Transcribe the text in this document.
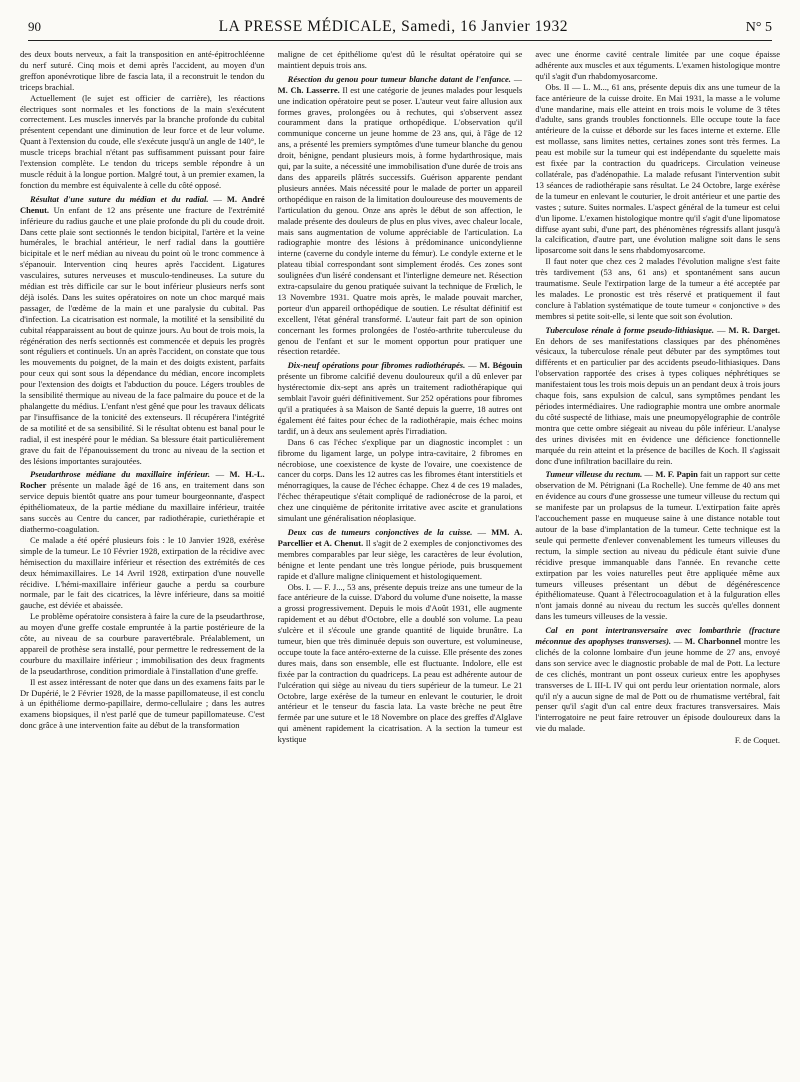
90	LA PRESSE MÉDICALE, Samedi, 16 Janvier 1932	N° 5

des deux bouts nerveux, a fait la transposition en anté-épitrochléenne du nerf suturé. Cinq mois et demi après l'accident, au moyen d'un greffon aponévrotique libre de fascia lata, il a reconstruit le tendon du triceps brachial.

Actuellement (le sujet est officier de carrière), les réactions électriques sont normales et les fonctions de la main s'exécutent correctement. Les muscles innervés par la branche profonde du cubital présentent cependant une diminution de leur force et de leur volume. Quant à l'extension du coude, elle s'exécute jusqu'à un angle de 140°, le muscle triceps brachial n'étant pas suffisamment puissant pour faire l'extension complète. Le tendon du triceps semble répondre à un muscle réduit à la longue portion. Malgré tout, à un premier examen, la fonction du membre est équivalente à celle du côté opposé.

Résultat d'une suture du médian et du radial. — M. André Chenut. Un enfant de 12 ans présente une fracture de l'extrémité inférieure du radius gauche et une plaie profonde du pli du coude droit. Dans cette plaie sont sectionnés le tendon bicipital, l'artère et la veine humérales, le brachial antérieur, le nerf radial dans la gouttière bicipitale et le nerf médian au niveau du point où le tronc commence à s'épanouir. Intervention cinq heures après l'accident. Ligatures vasculaires, sutures nerveuses et musculo-tendineuses. La suture du médian est très difficile car sur le bout inférieur plusieurs nerfs sont déjà isolés. Dans les suites opératoires on note un choc marqué mais passager, de l'œdème de la main et une paralysie du cubital. Pas d'infection. La cicatrisation est normale, la motilité et la sensibilité du cubital réapparaissent au bout de quinze jours. Au bout de trois mois, la régénération des nerfs sectionnés est commencée et depuis les progrès sont réguliers et continuels. Un an après l'accident, on constate que tous les mouvements du poignet, de la main et des doigts existent, parfaits pour ceux qui sont sous la dépendance du médian, encore incomplets pour l'extension des doigts et l'abduction du pouce. Légers troubles de la sensibilité thermique au niveau de la face palmaire du pouce et de la phalangette du médius. L'enfant n'est gêné que pour les travaux délicats par l'insuffisance de la tonicité des extenseurs. Il récupérera l'intégrité de sa motilité et de sa sensibilité. Si le résultat obtenu est banal pour le radial, il est inespéré pour le médian. Sa blessure était particulièrement grave du fait de l'épanouissement du tronc au niveau de la section et des lésions importantes surajoutées.

Pseudarthrose médiane du maxillaire inférieur. — M. H.-L. Rocher présente un malade âgé de 16 ans, en traitement dans son service depuis bientôt quatre ans pour tumeur bourgeonnante, d'aspect épithéliomateux, de la partie médiane du maxillaire inférieur, traitée sans succès au Centre du cancer, par radiothérapie, curiethérapie et diathermo-coagulation.

Ce malade a été opéré plusieurs fois : le 10 Janvier 1928, exérèse simple de la tumeur. Le 10 Février 1928, extirpation de la récidive avec hémisection du maxillaire inférieur et résection des extrémités de ces deux hémimaxillaires. Le 14 Avril 1928, extirpation d'une nouvelle récidive. L'hémi-maxillaire inférieur gauche a perdu sa courbure normale, par le fait des cicatrices, la lèvre inférieure, dans sa moitié gauche, est déviée et abaissée.

Le problème opératoire consistera à faire la cure de la pseudarthrose, au moyen d'une greffe costale empruntée à la partie postérieure de la côte, au niveau de sa courbure paravertébrale. Préalablement, un appareil de prothèse sera installé, pour permettre le redressement de la courbure du maxillaire inférieur ; immobilisation des deux fragments de la pseudarthrose, condition primordiale à l'installation d'une greffe.

Il est assez intéressant de noter que dans un des examens faits par le Dr Dupérié, le 2 Février 1928, de la masse papillomateuse, il est conclu à un épithéliome dermo-papillaire, dermo-cellulaire ; dans les autres examens biopsiques, il n'est parlé que de tumeur papillomateuse. C'est donc grâce à une intervention faite au début de la transformation

maligne de cet épithéliome qu'est dû le résultat opératoire qui se maintient depuis trois ans.

Résection du genou pour tumeur blanche datant de l'enfance. — M. Ch. Lasserre. Il est une catégorie de jeunes malades pour lesquels une indication opératoire peut se poser. L'auteur veut faire allusion aux formes graves, prolongées ou à rechutes, qui s'observent assez couramment dans la pratique orthopédique. L'observation qu'il communique concerne un jeune homme de 23 ans, qui, à l'âge de 12 ans, a présenté les premiers symptômes d'une tumeur blanche du genou droit, bénigne, pendant plusieurs mois, à forme hydarthrosique, mais qui, par la suite, a nécessité une immobilisation d'une durée de trois ans dans des appareils plâtrés successifs. Guérison apparente pendant plusieurs années. Mais nécessité pour le malade de porter un appareil orthopédique en raison de la limitation douloureuse des mouvements de l'articulation du genou. Onze ans après le début de son affection, le malade présente des douleurs de plus en plus vives, avec chaleur locale, mais sans augmentation de volume appréciable de l'articulation. La radiographie montre des lésions à prédominance unicondylienne interne (caverne du condyle interne du fémur). Le condyle externe et le plateau tibial correspondant sont simplement érodés. Ces zones sont soulignées d'un liséré condensant et l'interligne demeure net. Résection extra-capsulaire du genou pratiquée suivant la technique de Frœlich, le 13 Novembre 1931. Quatre mois après, le malade pouvait marcher, porteur d'un appareil orthopédique de soutien. Le résultat définitif est excellent, l'état général transformé. L'auteur fait part de son opinion concernant les formes prolongées de l'ostéo-arthrite tuberculeuse du genou de l'enfant et sur le moment opportun pour pratiquer une résection retardée.

Dix-neuf opérations pour fibromes radiothérapés. — M. Bégouin présente un fibrome calcifié devenu douloureux qu'il a dû enlever par hystérectomie dix-sept ans après un traitement radiothérapique qui semblait l'avoir guéri définitivement. Sur 252 opérations pour fibromes qu'il a pratiquées à sa Maison de Santé depuis la guerre, 18 autres ont également été faites pour échec de la radiothérapie, mais échec moins tardif, un à deux ans seulement après l'irradiation.

Dans 6 cas l'échec s'explique par un diagnostic incomplet : un fibrome du ligament large, un polype intra-cavitaire, 2 fibromes en nécrobiose, une coexistence de kyste de l'ovaire, une coexistence de cancer du corps. Dans les 12 autres cas les fibromes étant interstitiels et ménorragiques, la cause de l'échec échappe. Chez 4 de ces 19 malades, l'échec thérapeutique s'était compliqué de radionécrose de la paroi, et chez une cinquième de péritonite irritative avec ascite et granulations simulant une généralisation néoplasique.

Deux cas de tumeurs conjonctives de la cuisse. — MM. A. Parcellier et A. Chenut. Il s'agit de 2 exemples de conjonctivomes des membres comparables par leur siège, les caractères de leur évolution, bénigne et lente pendant une très longue période, puis brusquement rapide et d'allure maligne cliniquement et histologiquement.

Obs. I. — F. J..., 53 ans, présente depuis treize ans une tumeur de la face antérieure de la cuisse. D'abord du volume d'une noisette, la masse a grossi progressivement. Depuis le mois d'Août 1931, elle augmente rapidement et au début d'Octobre, elle a doublé son volume. La peau s'ulcère et il s'écoule une grande quantité de liquide brunâtre. La tumeur, bien que très diminuée depuis son ouverture, est volumineuse, occupe toute la face antéro-externe de la cuisse. Elle présente des zones dures mais, dans son ensemble, elle est fluctuante. Indolore, elle est fixée par la contraction du quadriceps. La peau est adhérente autour de l'ulcération qui siège au niveau du tiers supérieur de la tumeur. Le 21 Octobre, large exérèse de la tumeur en enlevant le couturier, le droit antérieur et le tenseur du fascia lata. La vaste brèche ne peut être fermée par une suture et le 18 Novembre on place des greffes d'Alglave qui amènent rapidement la cicatrisation. A la section la tumeur est kystique

avec une énorme cavité centrale limitée par une coque épaisse adhérente aux muscles et aux téguments. L'examen histologique montre qu'il s'agit d'un rhabdomyosarcome.

Obs. II — L. M..., 61 ans, présente depuis dix ans une tumeur de la face antérieure de la cuisse droite. En Mai 1931, la masse a le volume d'une mandarine, mais elle atteint en trois mois le volume de 3 têtes d'adulte, sans grands troubles fonctionnels. Elle occupe toute la face antérieure de la cuisse et déborde sur les faces interne et externe. Elle est mollasse, sans limites nettes, certaines zones sont très fermes. La peau est mobile sur la tumeur qui est indépendante du squelette mais est fixée par la contraction du quadriceps. Circulation veineuse collatérale, pas d'adénopathie. La malade refusant l'intervention subit 13 séances de radiothérapie sans résultat. Le 24 Octobre, large exérèse de la tumeur en enlevant le couturier, le droit antérieur et une partie des vastes ; suture. Suites normales. L'aspect général de la tumeur est celui d'un lipome. L'examen histologique montre qu'il s'agit d'une lipomatose diffuse ayant subi, d'une part, des phénomènes régressifs allant jusqu'à la calcification, d'autre part, une évolution maligne soit dans le sens liposarcome soit dans le sens rhabdomyosarcome.

Il faut noter que chez ces 2 malades l'évolution maligne s'est faite très tardivement (53 ans, 61 ans) et spontanément sans aucun traumatisme. Seule l'extirpation large de la tumeur a été acceptée par les malades. Le pronostic est très réservé et pratiquement il faut conclure à l'ablation systématique de toute tumeur « conjonctive » des membres si petite soit-elle, si lente que soit son évolution.

Tuberculose rénale à forme pseudo-lithiasique. — M. R. Darget. En dehors de ses manifestations classiques par des phénomènes vésicaux, la tuberculose rénale peut débuter par des symptômes tout différents et en particulier par des accidents pseudo-lithiasiques. Dans l'observation rapportée des crises à types coliques néphrétiques se manifestaient tous les trois mois depuis un an pendant deux à trois jours chaque fois, sans expulsion de calcul, sans symptômes pendant les périodes intermédiaires. Une radiographie montra une ombre anormale du côté suspecté de lithiase, mais une pneumopyélographie de contrôle montra que cette ombre siégeait au niveau du pôle inférieur. L'analyse des urines divisées mit en évidence une déficience fonctionnelle marquée du rein atteint et la présence de bacilles de Koch. Il s'agissait donc d'une infiltration bacillaire du rein.

Tumeur villeuse du rectum. — M. F. Papin fait un rapport sur cette observation de M. Pétrignani (La Rochelle). Une femme de 40 ans met en évidence au cours d'une grossesse une tumeur villeuse du rectum qui se manifeste par un prolapsus de la tumeur. L'extirpation faite après l'accouchement passe en muqueuse saine à une distance notable tout autour de la base d'implantation de la tumeur. Cette technique est la seule qui permette d'enlever convenablement les tumeurs villeuses du rectum, la simple section au niveau du pédicule étant suivie d'une récidive presque immanquable dans l'année. En revanche cette extirpation par les voies naturelles peut être appliquée même aux tumeurs villeuses présentant un début de dégénérescence épithéliomateuse. Quant à l'électrocoagulation et à la fulguration elles n'ont jamais donné au niveau du rectum les succès qu'elles donnent dans les tumeurs villeuses de la vessie.

Cal en pont intertransversaire avec lombarthrie (fracture méconnue des apophyses transverses). — M. Charbonnel montre les clichés de la colonne lombaire d'un jeune homme de 27 ans, envoyé dans son service avec le diagnostic probable de mal de Pott. La lecture de ces clichés, montrant un pont osseux curieux entre les apophyses transverses de L III-L IV qui ont perdu leur orientation normale, alors qu'il n'y a aucun signe de mal de Pott ou de rhumatisme vertébral, fait penser qu'il s'agit d'un cal entre deux fractures transversaires. Mais l'interrogatoire ne peut faire retrouver un épisode douloureux dans la vie du malade.

F. de Coquet.
